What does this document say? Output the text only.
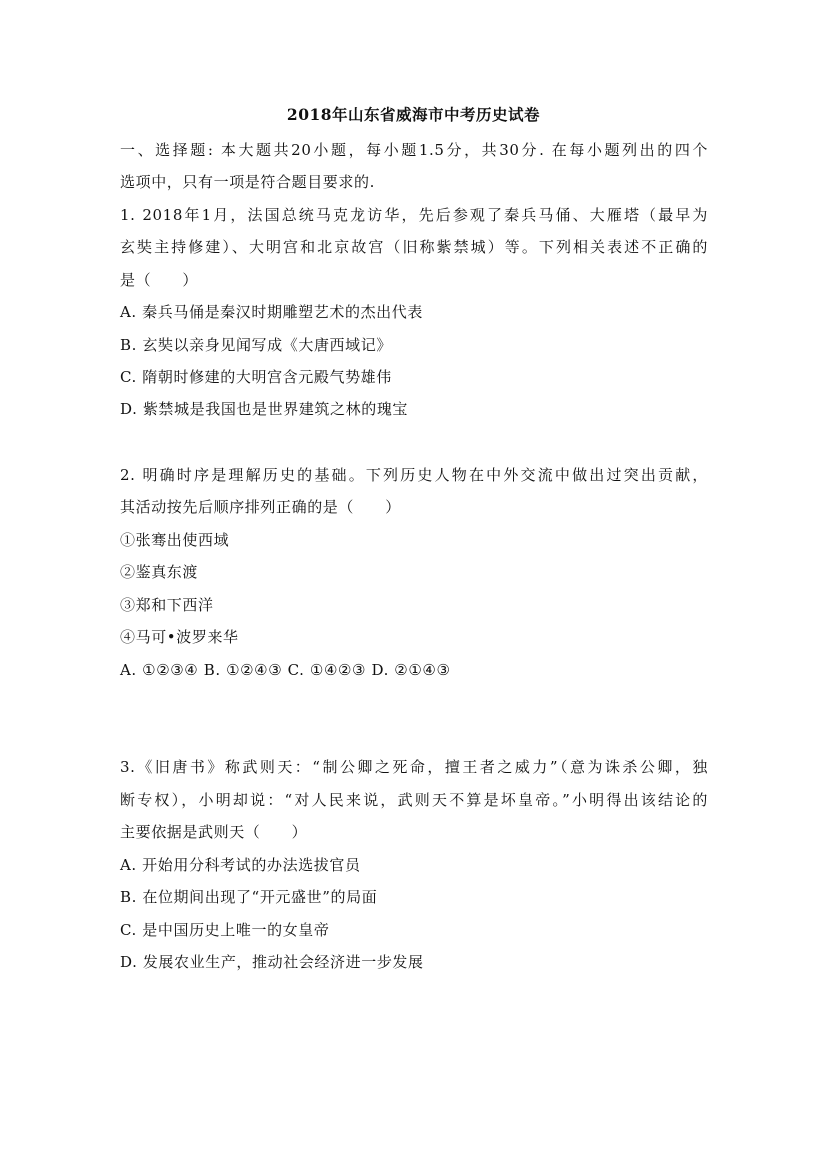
2018年山东省威海市中考历史试卷
一、选择题: 本大题共20小题，每小题1.5分，共30分. 在每小题列出的四个
选项中，只有一项是符合题目要求的.
1. 2018年1月，法国总统马克龙访华，先后参观了秦兵马俑、大雁塔（最早为
玄奘主持修建）、大明宫和北京故宫（旧称紫禁城）等。下列相关表述不正确的
是（　　）
A. 秦兵马俑是秦汉时期雕塑艺术的杰出代表
B. 玄奘以亲身见闻写成《大唐西域记》
C. 隋朝时修建的大明宫含元殿气势雄伟
D. 紫禁城是我国也是世界建筑之林的瑰宝
2. 明确时序是理解历史的基础。下列历史人物在中外交流中做出过突出贡献，
其活动按先后顺序排列正确的是（　　）
①张骞出使西域
②鉴真东渡
③郑和下西洋
④马可•波罗来华
A. ①②③④ B. ①②④③ C. ①④②③ D. ②①④③
3.《旧唐书》称武则天：“制公卿之死命，擅王者之威力”（意为诛杀公卿，独
断专权），小明却说：“对人民来说，武则天不算是坏皇帝。”小明得出该结论的
主要依据是武则天（　　）
A. 开始用分科考试的办法选拔官员
B. 在位期间出现了“开元盛世”的局面
C. 是中国历史上唯一的女皇帝
D. 发展农业生产，推动社会经济进一步发展
